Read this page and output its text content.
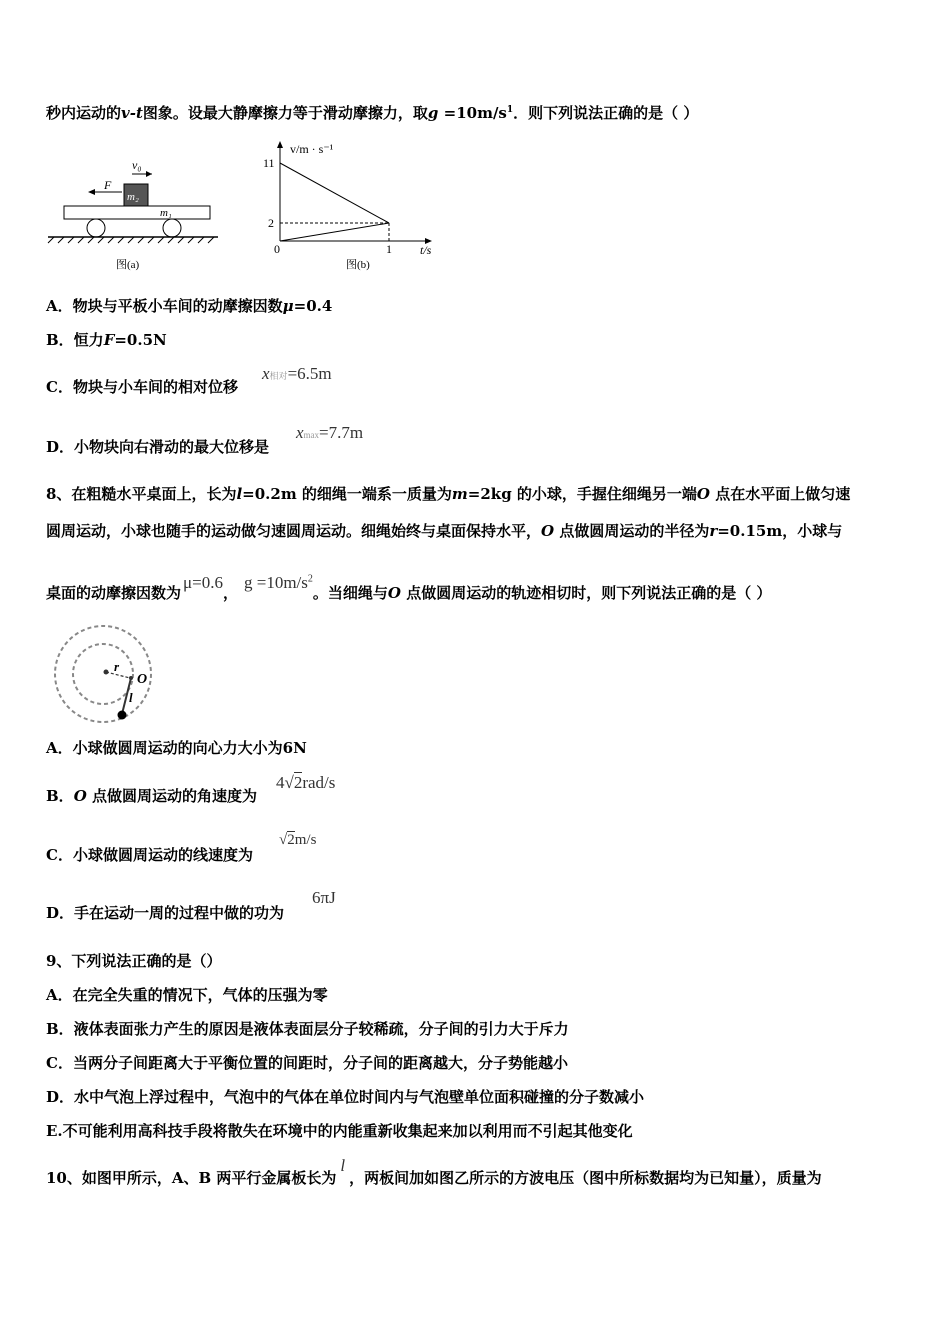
秒内运动的v-t图象。设最大静摩擦力等于滑动摩擦力，取$g =10m/s^1$．则下列说法正确的是（ ）
v₀
F
m₂
m₁
图(a)
v/m · s⁻¹
t/s
11
2
0	1
图(b)
A．物块与平板小车间的动摩擦因数μ=0.4
B．恒力F=0.5N
C．物块与小车间的相对位移
x相对=6.5m
D．小物块向右滑动的最大位移是
xmax=7.7m
8、在粗糙水平桌面上，长为l=0.2m 的细绳一端系一质量为m=2kg 的小球，手握住细绳另一端O 点在水平面上做匀速
圆周运动，小球也随手的运动做匀速圆周运动。细绳始终与桌面保持水平，O 点做圆周运动的半径为r=0.15m，小球与
桌面的动摩擦因数为μ=0.6，$g =10m/s^2$。当细绳与O 点做圆周运动的轨迹相切时，则下列说法正确的是（ ）
r
O
l
A．小球做圆周运动的向心力大小为6N
B．O 点做圆周运动的角速度为
4√2rad/s
C．小球做圆周运动的线速度为
√2m/s
D．手在运动一周的过程中做的功为
6πJ
9、下列说法正确的是（）
A．在完全失重的情况下，气体的压强为零
B．液体表面张力产生的原因是液体表面层分子较稀疏，分子间的引力大于斥力
C．当两分子间距离大于平衡位置的间距时，分子间的距离越大，分子势能越小
D．水中气泡上浮过程中，气泡中的气体在单位时间内与气泡壁单位面积碰撞的分子数减小
E.不可能利用高科技手段将散失在环境中的内能重新收集起来加以利用而不引起其他变化
10、如图甲所示，A、B 两平行金属板长为l，两板间加如图乙所示的方波电压（图中所标数据均为已知量），质量为
